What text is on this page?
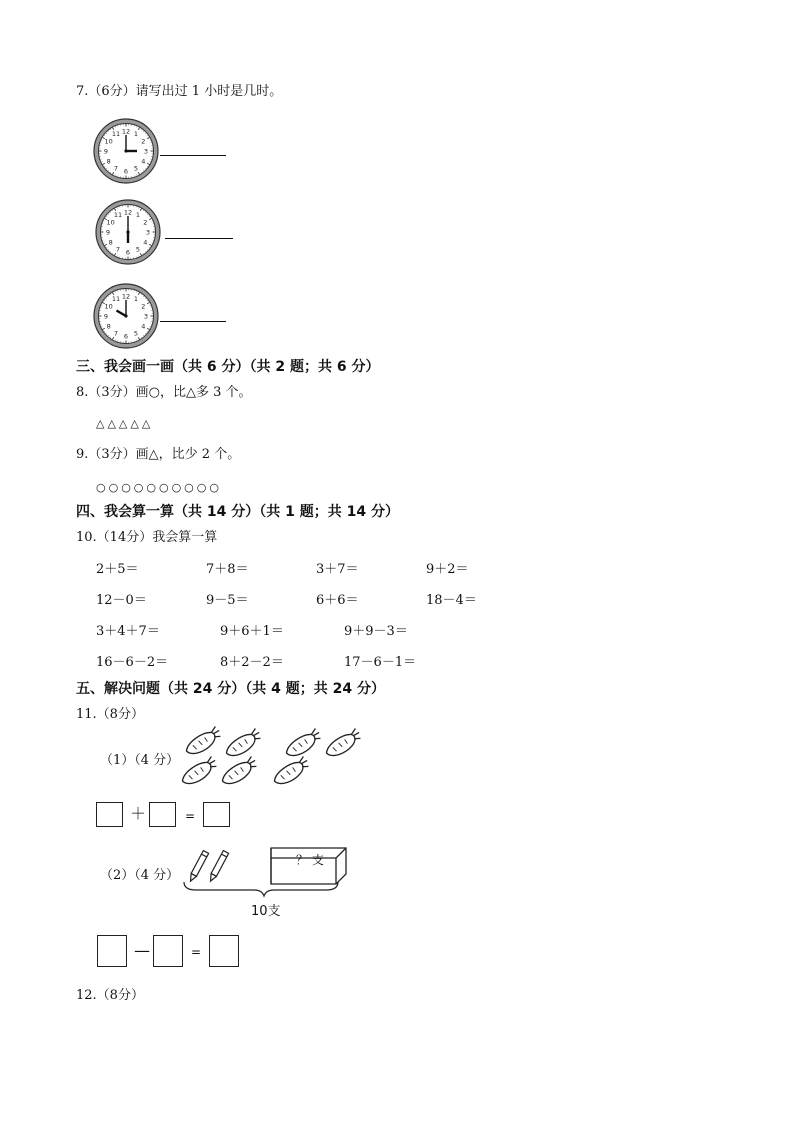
7.（6分）请写出过 1 小时是几时。
12 1
2
3
4
5
6
7
8
9
10
11
12 1
2
3
4
5
6
7
8
9
10
11
12 1
2
3
4
5
6
7
8
9
10
11
三、我会画一画（共 6 分）（共 2 题；共 6 分）
8.（3分）画○，比△多 3 个。
△△△△△
9.（3分）画△，比少 2 个。
○○○○○○○○○○
四、我会算一算（共 14 分）（共 1 题；共 14 分）
10.（14分）我会算一算
2＋5＝	7＋8＝	3＋7＝	9＋2＝
12－0＝	9－5＝	6＋6＝	18－4＝
3＋4＋7＝	9＋6＋1＝	9＋9－3＝
16－6－2＝	8＋2－2＝	17－6－1＝
五、解决问题（共 24 分）（共 4 题；共 24 分）
11.（8分）
（1）（4 分）
＋	=
（2）（4 分）
？ 支
10支
—	=
12.（8分）
